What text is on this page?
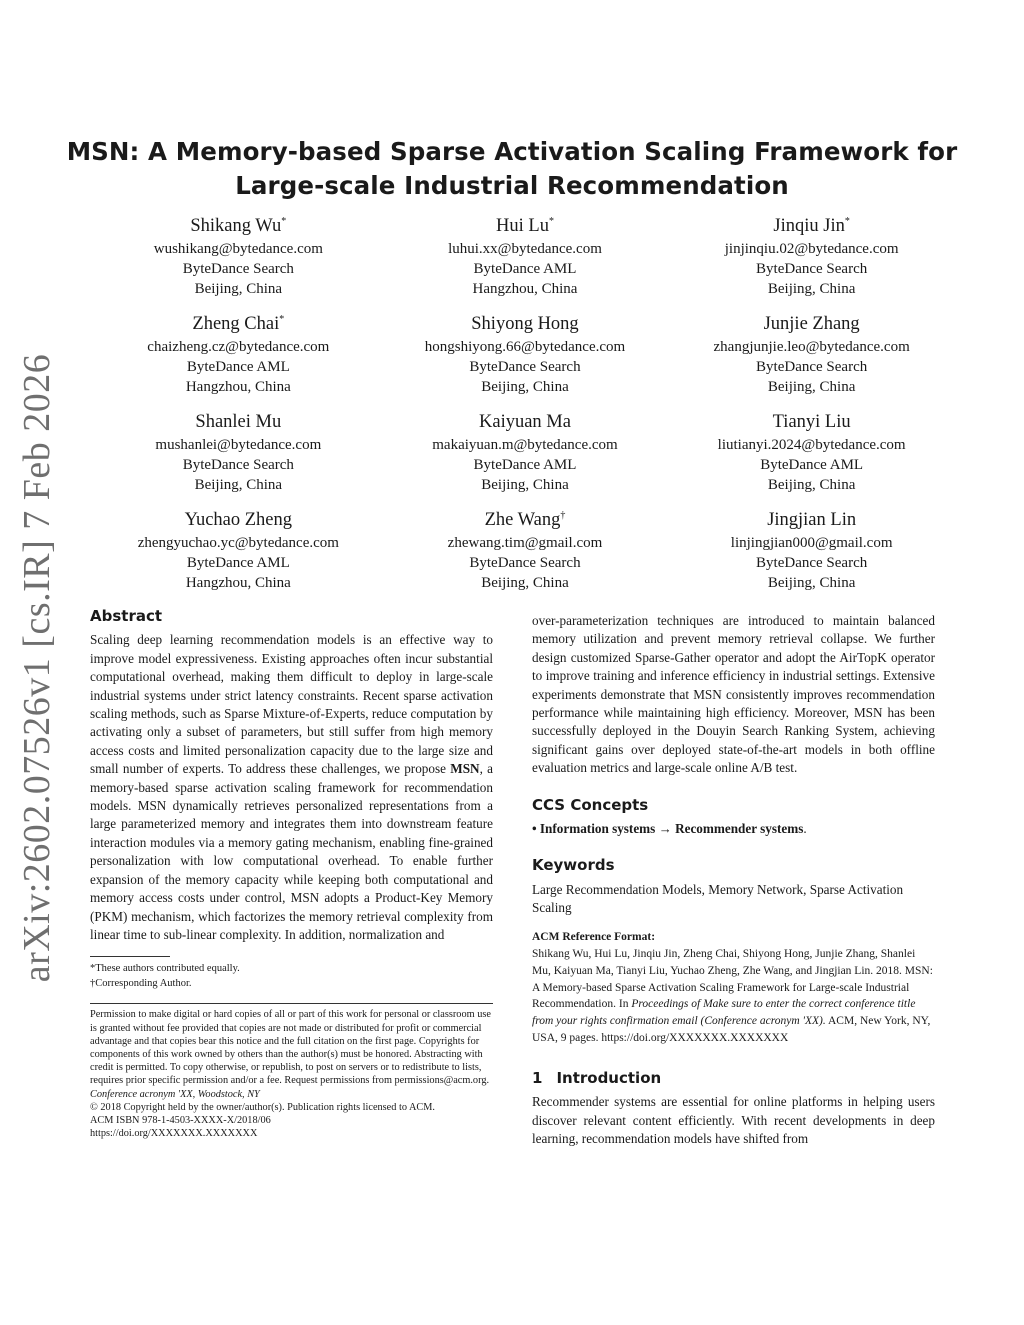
arXiv:2602.07526v1 [cs.IR] 7 Feb 2026
MSN: A Memory-based Sparse Activation Scaling Framework for
Large-scale Industrial Recommendation
Shikang Wu*
wushikang@bytedance.com
ByteDance Search
Beijing, China
Hui Lu*
luhui.xx@bytedance.com
ByteDance AML
Hangzhou, China
Jinqiu Jin*
jinjinqiu.02@bytedance.com
ByteDance Search
Beijing, China
Zheng Chai*
chaizheng.cz@bytedance.com
ByteDance AML
Hangzhou, China
Shiyong Hong
hongshiyong.66@bytedance.com
ByteDance Search
Beijing, China
Junjie Zhang
zhangjunjie.leo@bytedance.com
ByteDance Search
Beijing, China
Shanlei Mu
mushanlei@bytedance.com
ByteDance Search
Beijing, China
Kaiyuan Ma
makaiyuan.m@bytedance.com
ByteDance AML
Beijing, China
Tianyi Liu
liutianyi.2024@bytedance.com
ByteDance AML
Beijing, China
Yuchao Zheng
zhengyuchao.yc@bytedance.com
ByteDance AML
Hangzhou, China
Zhe Wang†
zhewang.tim@gmail.com
ByteDance Search
Beijing, China
Jingjian Lin
linjingjian000@gmail.com
ByteDance Search
Beijing, China
Abstract

Scaling deep learning recommendation models is an effective way to improve model expressiveness. Existing approaches often incur substantial computational overhead, making them difficult to deploy in large-scale industrial systems under strict latency constraints. Recent sparse activation scaling methods, such as Sparse Mixture-of-Experts, reduce computation by activating only a subset of parameters, but still suffer from high memory access costs and limited personalization capacity due to the large size and small number of experts. To address these challenges, we propose MSN, a memory-based sparse activation scaling framework for recommendation models. MSN dynamically retrieves personalized representations from a large parameterized memory and integrates them into downstream feature interaction modules via a memory gating mechanism, enabling fine-grained personalization with low computational overhead. To enable further expansion of the memory capacity while keeping both computational and memory access costs under control, MSN adopts a Product-Key Memory (PKM) mechanism, which factorizes the memory retrieval complexity from linear time to sub-linear complexity. In addition, normalization and

*These authors contributed equally.
†Corresponding Author.
Permission to make digital or hard copies of all or part of this work for personal or classroom use is granted without fee provided that copies are not made or distributed for profit or commercial advantage and that copies bear this notice and the full citation on the first page. Copyrights for components of this work owned by others than the author(s) must be honored. Abstracting with credit is permitted. To copy otherwise, or republish, to post on servers or to redistribute to lists, requires prior specific permission and/or a fee. Request permissions from permissions@acm.org.
Conference acronym 'XX, Woodstock, NY
© 2018 Copyright held by the owner/author(s). Publication rights licensed to ACM.
ACM ISBN 978-1-4503-XXXX-X/2018/06
https://doi.org/XXXXXXX.XXXXXXX

over-parameterization techniques are introduced to maintain balanced memory utilization and prevent memory retrieval collapse. We further design customized Sparse-Gather operator and adopt the AirTopK operator to improve training and inference efficiency in industrial settings. Extensive experiments demonstrate that MSN consistently improves recommendation performance while maintaining high efficiency. Moreover, MSN has been successfully deployed in the Douyin Search Ranking System, achieving significant gains over deployed state-of-the-art models in both offline evaluation metrics and large-scale online A/B test.

CCS Concepts
• Information systems → Recommender systems.
Keywords

Large Recommendation Models, Memory Network, Sparse Activation Scaling

ACM Reference Format:
Shikang Wu, Hui Lu, Jinqiu Jin, Zheng Chai, Shiyong Hong, Junjie Zhang, Shanlei Mu, Kaiyuan Ma, Tianyi Liu, Yuchao Zheng, Zhe Wang, and Jingjian Lin. 2018. MSN: A Memory-based Sparse Activation Scaling Framework for Large-scale Industrial Recommendation. In Proceedings of Make sure to enter the correct conference title from your rights confirmation email (Conference acronym 'XX). ACM, New York, NY, USA, 9 pages. https://doi.org/XXXXXXX.XXXXXXX
1 Introduction

Recommender systems are essential for online platforms in helping users discover relevant content efficiently. With recent developments in deep learning, recommendation models have shifted from
